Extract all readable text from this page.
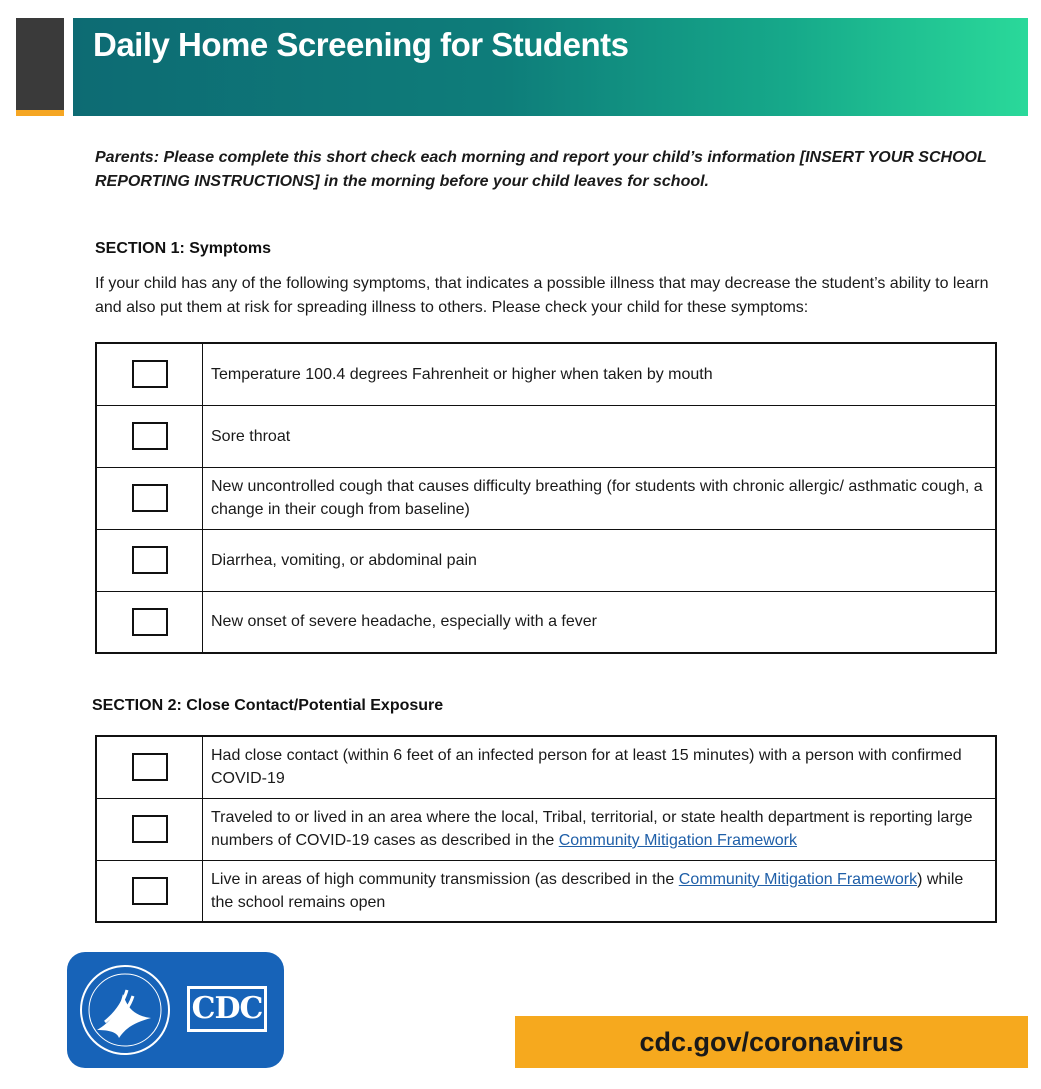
Daily Home Screening for Students
Parents: Please complete this short check each morning and report your child’s information [INSERT YOUR SCHOOL REPORTING INSTRUCTIONS] in the morning before your child leaves for school.
SECTION 1: Symptoms
If your child has any of the following symptoms, that indicates a possible illness that may decrease the student’s ability to learn and also put them at risk for spreading illness to others. Please check your child for these symptoms:
	Temperature 100.4 degrees Fahrenheit or higher when taken by mouth
	Sore throat
	New uncontrolled cough that causes difficulty breathing (for students with chronic allergic/ asthmatic cough, a change in their cough from baseline)
	Diarrhea, vomiting, or abdominal pain
	New onset of severe headache, especially with a fever
SECTION 2: Close Contact/Potential Exposure
	Had close contact (within 6 feet of an infected person for at least 15 minutes) with a person with confirmed COVID-19
	Traveled to or lived in an area where the local, Tribal, territorial, or state health department is reporting large numbers of COVID-19 cases as described in the Community Mitigation Framework
	Live in areas of high community transmission (as described in the Community Mitigation Framework) while the school remains open
CDC
cdc.gov/coronavirus
